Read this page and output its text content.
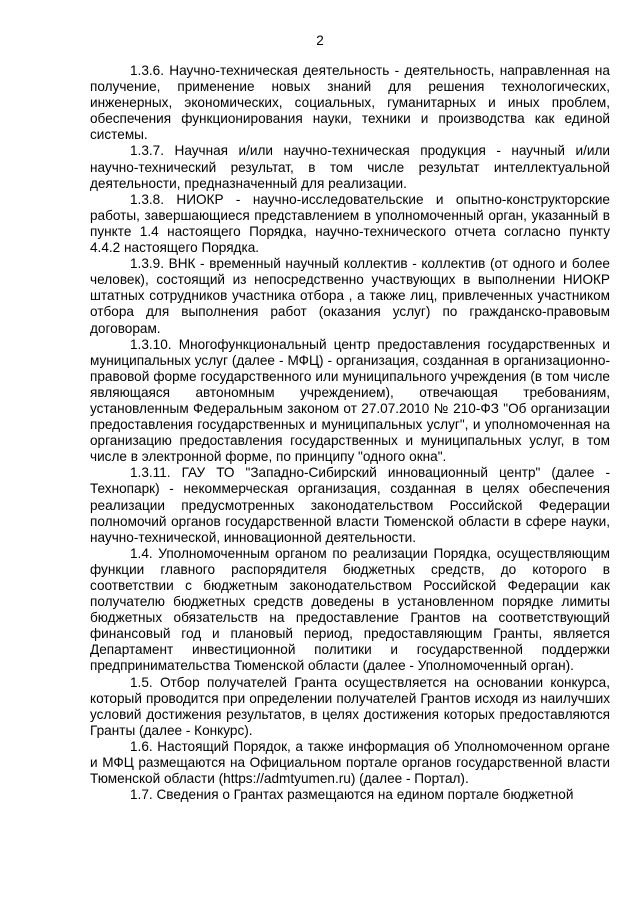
2

1.3.6. Научно-техническая деятельность - деятельность, направленная на получение, применение новых знаний для решения технологических, инженерных, экономических, социальных, гуманитарных и иных проблем, обеспечения функционирования науки, техники и производства как единой системы.

1.3.7. Научная и/или научно-техническая продукция - научный и/или научно-технический результат, в том числе результат интеллектуальной деятельности, предназначенный для реализации.

1.3.8. НИОКР - научно-исследовательские и опытно-конструкторские работы, завершающиеся представлением в уполномоченный орган, указанный в пункте 1.4 настоящего Порядка, научно-технического отчета согласно пункту 4.4.2 настоящего Порядка.

1.3.9. ВНК - временный научный коллектив - коллектив (от одного и более человек), состоящий из непосредственно участвующих в выполнении НИОКР штатных сотрудников участника отбора , а также лиц, привлеченных участником отбора для выполнения работ (оказания услуг) по гражданско-правовым договорам.

1.3.10. Многофункциональный центр предоставления государственных и муниципальных услуг (далее - МФЦ) - организация, созданная в организационно-правовой форме государственного или муниципального учреждения (в том числе являющаяся автономным учреждением), отвечающая требованиям, установленным Федеральным законом от 27.07.2010 № 210-ФЗ "Об организации предоставления государственных и муниципальных услуг", и уполномоченная на организацию предоставления государственных и муниципальных услуг, в том числе в электронной форме, по принципу "одного окна".

1.3.11. ГАУ ТО "Западно-Сибирский инновационный центр" (далее - Технопарк) - некоммерческая организация, созданная в целях обеспечения реализации предусмотренных законодательством Российской Федерации полномочий органов государственной власти Тюменской области в сфере науки, научно-технической, инновационной деятельности.

1.4. Уполномоченным органом по реализации Порядка, осуществляющим функции главного распорядителя бюджетных средств, до которого в соответствии с бюджетным законодательством Российской Федерации как получателю бюджетных средств доведены в установленном порядке лимиты бюджетных обязательств на предоставление Грантов на соответствующий финансовый год и плановый период, предоставляющим Гранты, является Департамент инвестиционной политики и государственной поддержки предпринимательства Тюменской области (далее - Уполномоченный орган).

1.5. Отбор получателей Гранта осуществляется на основании конкурса, который проводится при определении получателей Грантов исходя из наилучших условий достижения результатов, в целях достижения которых предоставляются Гранты (далее - Конкурс).

1.6. Настоящий Порядок, а также информация об Уполномоченном органе и МФЦ размещаются на Официальном портале органов государственной власти Тюменской области (https://admtyumen.ru) (далее - Портал).

1.7. Сведения о Грантах размещаются на едином портале бюджетной
